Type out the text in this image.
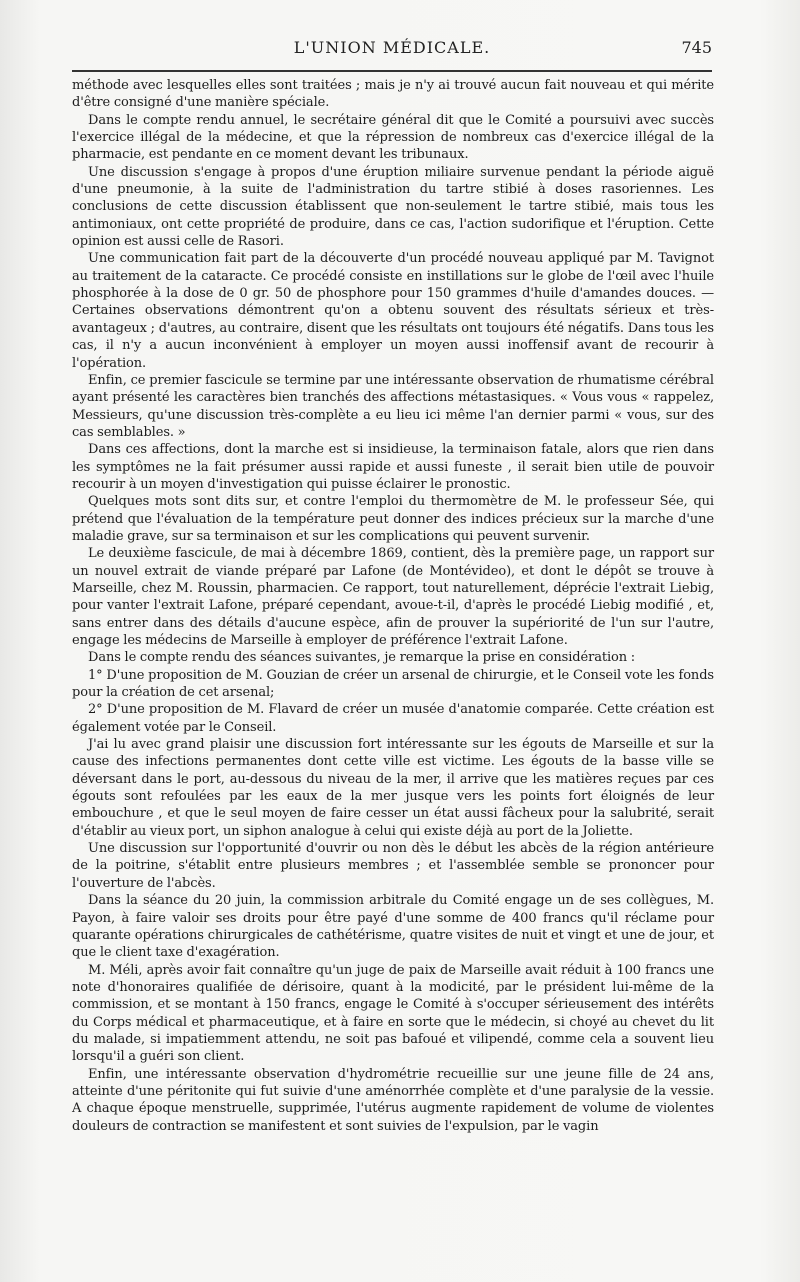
L'UNION MÉDICALE.	745

méthode avec lesquelles elles sont traitées ; mais je n'y ai trouvé aucun fait nouveau et qui mérite d'être consigné d'une manière spéciale.

Dans le compte rendu annuel, le secrétaire général dit que le Comité a poursuivi avec succès l'exercice illégal de la médecine, et que la répression de nombreux cas d'exercice illégal de la pharmacie, est pendante en ce moment devant les tribunaux.

Une discussion s'engage à propos d'une éruption miliaire survenue pendant la période aiguë d'une pneumonie, à la suite de l'administration du tartre stibié à doses rasoriennes. Les conclusions de cette discussion établissent que non-seulement le tartre stibié, mais tous les antimoniaux, ont cette propriété de produire, dans ce cas, l'action sudorifique et l'éruption. Cette opinion est aussi celle de Rasori.

Une communication fait part de la découverte d'un procédé nouveau appliqué par M. Tavignot au traitement de la cataracte. Ce procédé consiste en instillations sur le globe de l'œil avec l'huile phosphorée à la dose de 0 gr. 50 de phosphore pour 150 grammes d'huile d'amandes douces. — Certaines observations démontrent qu'on a obtenu souvent des résultats sérieux et très-avantageux ; d'autres, au contraire, disent que les résultats ont toujours été négatifs. Dans tous les cas, il n'y a aucun inconvénient à employer un moyen aussi inoffensif avant de recourir à l'opération.

Enfin, ce premier fascicule se termine par une intéressante observation de rhumatisme cérébral ayant présenté les caractères bien tranchés des affections métastasiques. « Vous vous « rappelez, Messieurs, qu'une discussion très-complète a eu lieu ici même l'an dernier parmi « vous, sur des cas semblables. »

Dans ces affections, dont la marche est si insidieuse, la terminaison fatale, alors que rien dans les symptômes ne la fait présumer aussi rapide et aussi funeste , il serait bien utile de pouvoir recourir à un moyen d'investigation qui puisse éclairer le pronostic.

Quelques mots sont dits sur, et contre l'emploi du thermomètre de M. le professeur Sée, qui prétend que l'évaluation de la température peut donner des indices précieux sur la marche d'une maladie grave, sur sa terminaison et sur les complications qui peuvent survenir.

Le deuxième fascicule, de mai à décembre 1869, contient, dès la première page, un rapport sur un nouvel extrait de viande préparé par Lafone (de Montévideo), et dont le dépôt se trouve à Marseille, chez M. Roussin, pharmacien. Ce rapport, tout naturellement, déprécie l'extrait Liebig, pour vanter l'extrait Lafone, préparé cependant, avoue-t-il, d'après le procédé Liebig modifié , et, sans entrer dans des détails d'aucune espèce, afin de prouver la supériorité de l'un sur l'autre, engage les médecins de Marseille à employer de préférence l'extrait Lafone.

Dans le compte rendu des séances suivantes, je remarque la prise en considération :

1° D'une proposition de M. Gouzian de créer un arsenal de chirurgie, et le Conseil vote les fonds pour la création de cet arsenal;

2° D'une proposition de M. Flavard de créer un musée d'anatomie comparée. Cette création est également votée par le Conseil.

J'ai lu avec grand plaisir une discussion fort intéressante sur les égouts de Marseille et sur la cause des infections permanentes dont cette ville est victime. Les égouts de la basse ville se déversant dans le port, au-dessous du niveau de la mer, il arrive que les matières reçues par ces égouts sont refoulées par les eaux de la mer jusque vers les points fort éloignés de leur embouchure , et que le seul moyen de faire cesser un état aussi fâcheux pour la salubrité, serait d'établir au vieux port, un siphon analogue à celui qui existe déjà au port de la Joliette.

Une discussion sur l'opportunité d'ouvrir ou non dès le début les abcès de la région antérieure de la poitrine, s'établit entre plusieurs membres ; et l'assemblée semble se prononcer pour l'ouverture de l'abcès.

Dans la séance du 20 juin, la commission arbitrale du Comité engage un de ses collègues, M. Payon, à faire valoir ses droits pour être payé d'une somme de 400 francs qu'il réclame pour quarante opérations chirurgicales de cathétérisme, quatre visites de nuit et vingt et une de jour, et que le client taxe d'exagération.

M. Méli, après avoir fait connaître qu'un juge de paix de Marseille avait réduit à 100 francs une note d'honoraires qualifiée de dérisoire, quant à la modicité, par le président lui-même de la commission, et se montant à 150 francs, engage le Comité à s'occuper sérieusement des intérêts du Corps médical et pharmaceutique, et à faire en sorte que le médecin, si choyé au chevet du lit du malade, si impatiemment attendu, ne soit pas bafoué et vilipendé, comme cela a souvent lieu lorsqu'il a guéri son client.

Enfin, une intéressante observation d'hydrométrie recueillie sur une jeune fille de 24 ans, atteinte d'une péritonite qui fut suivie d'une aménorrhée complète et d'une paralysie de la vessie. A chaque époque menstruelle, supprimée, l'utérus augmente rapidement de volume de violentes douleurs de contraction se manifestent et sont suivies de l'expulsion, par le vagin
